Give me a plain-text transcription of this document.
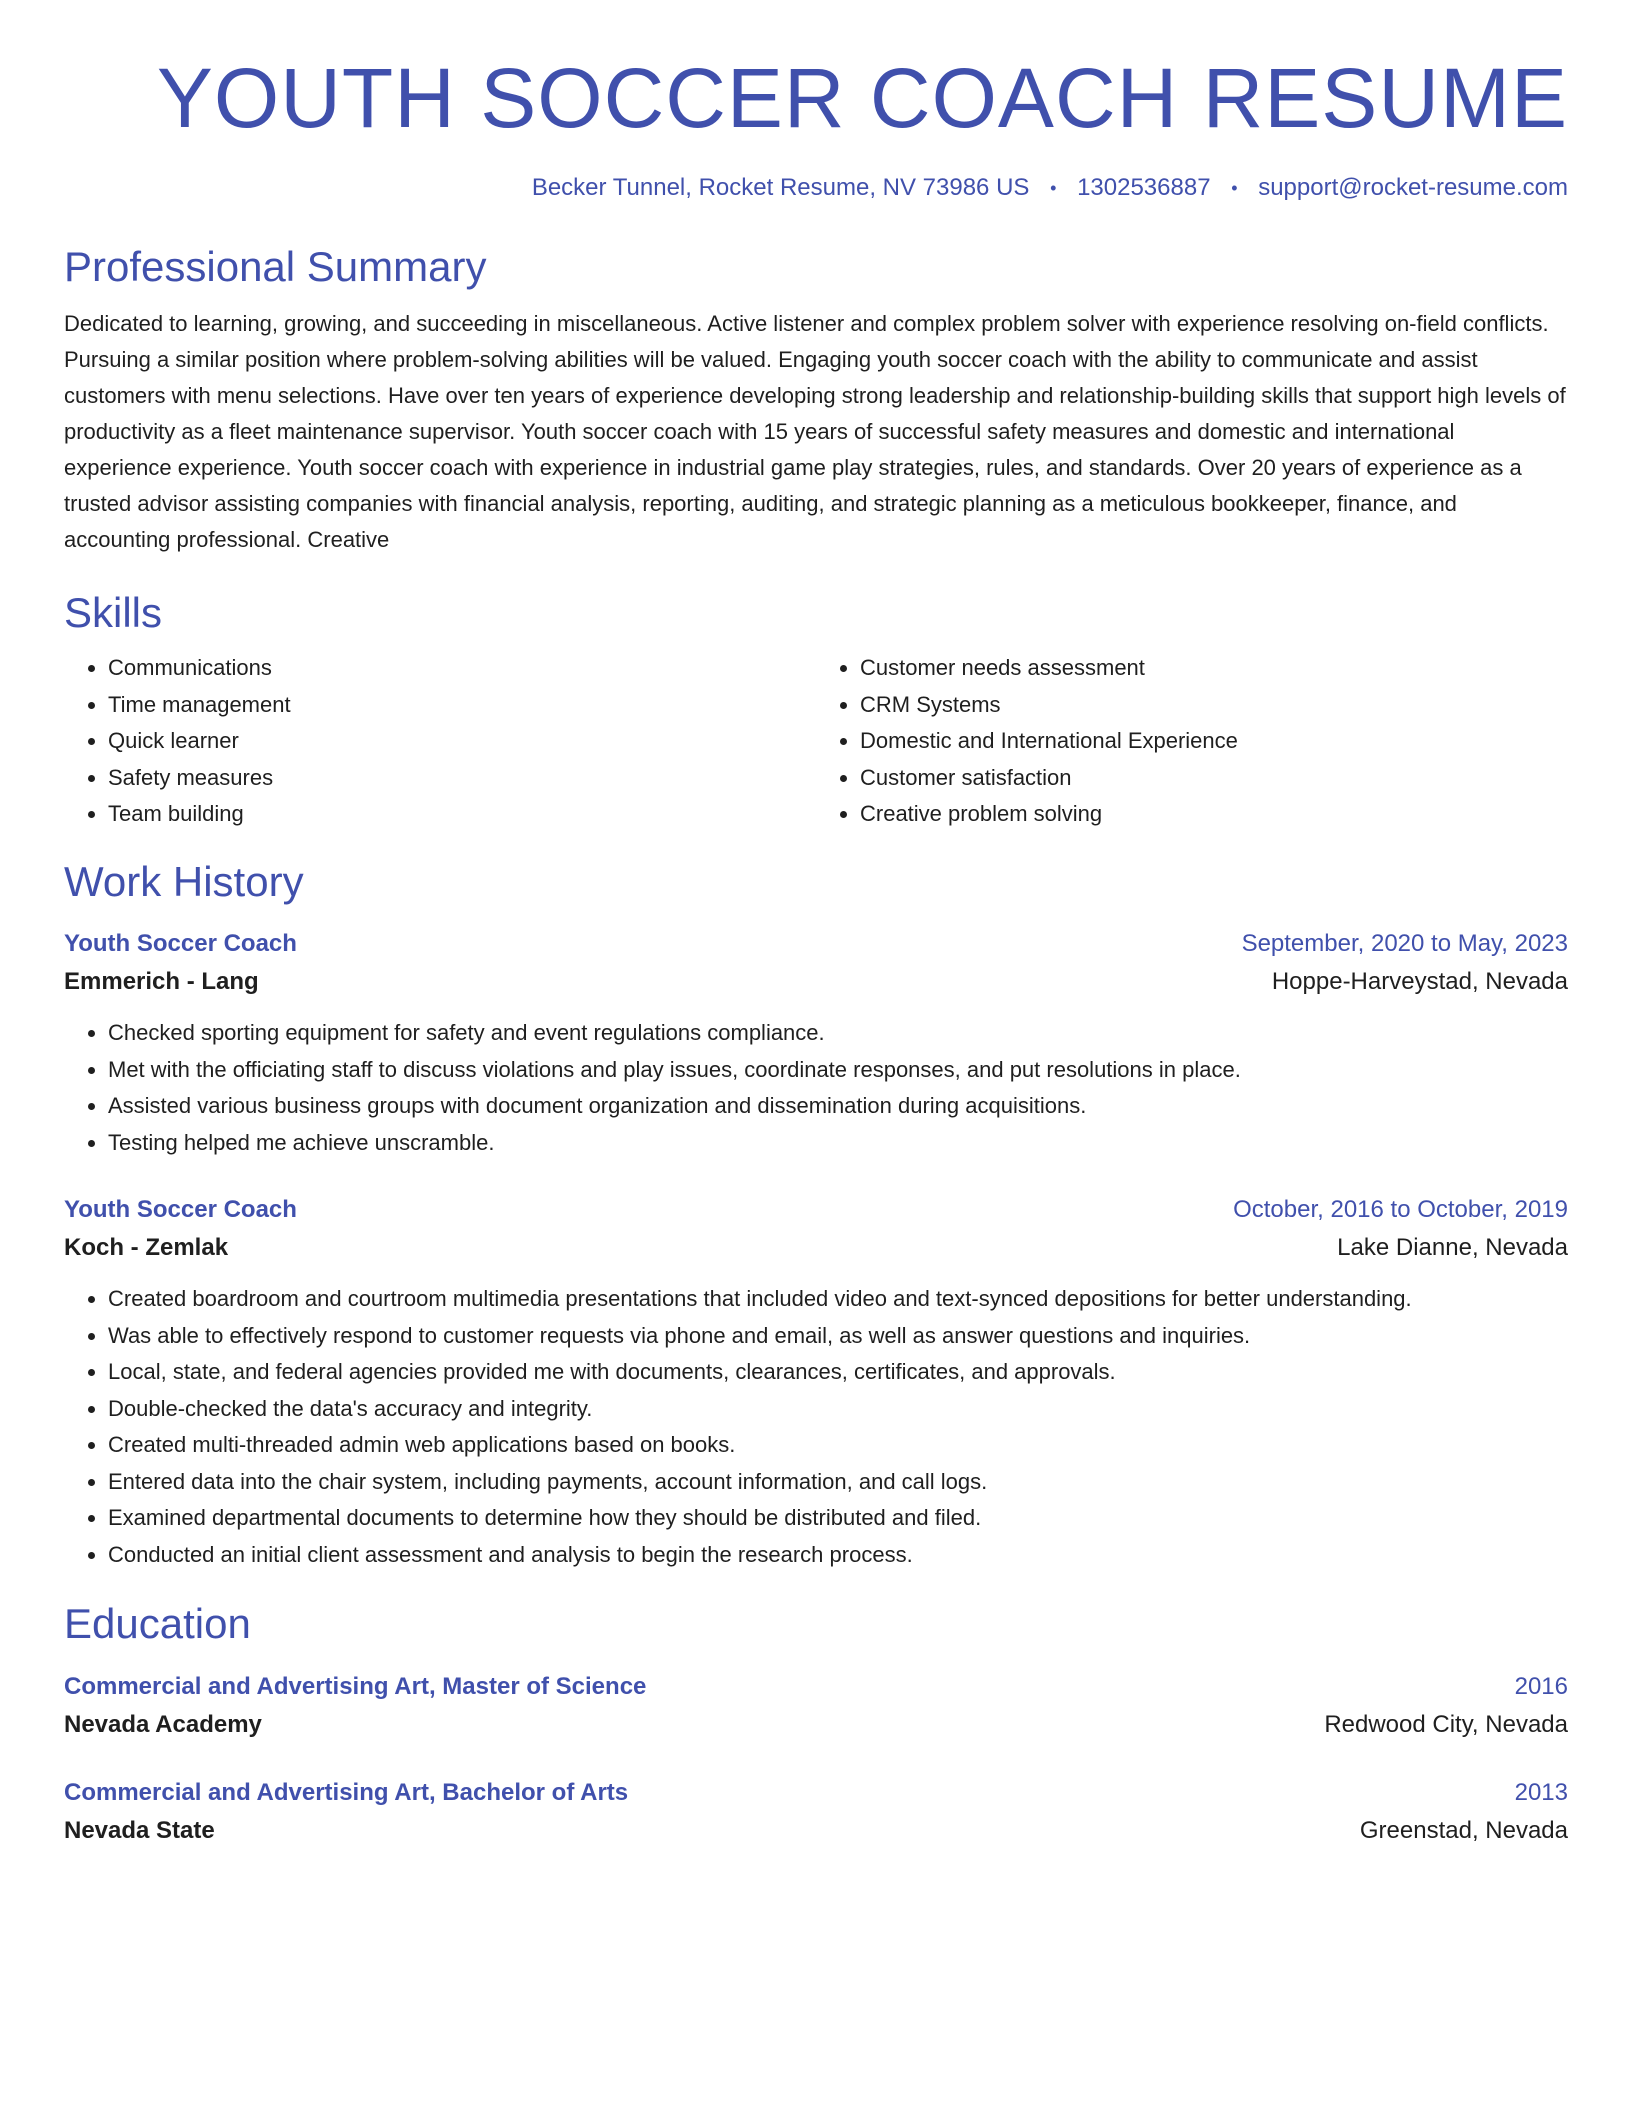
YOUTH SOCCER COACH RESUME
Becker Tunnel, Rocket Resume, NV 73986 US • 1302536887 • support@rocket-resume.com
Professional Summary

Dedicated to learning, growing, and succeeding in miscellaneous. Active listener and complex problem solver with experience resolving on-field conflicts. Pursuing a similar position where problem-solving abilities will be valued. Engaging youth soccer coach with the ability to communicate and assist customers with menu selections. Have over ten years of experience developing strong leadership and relationship-building skills that support high levels of productivity as a fleet maintenance supervisor. Youth soccer coach with 15 years of successful safety measures and domestic and international experience experience. Youth soccer coach with experience in industrial game play strategies, rules, and standards. Over 20 years of experience as a trusted advisor assisting companies with financial analysis, reporting, auditing, and strategic planning as a meticulous bookkeeper, finance, and accounting professional. Creative

Skills
• Communications
• Time management
• Quick learner
• Safety measures
• Team building
• Customer needs assessment
• CRM Systems
• Domestic and International Experience
• Customer satisfaction
• Creative problem solving
Work History
Youth Soccer Coach	September, 2020 to May, 2023
Emmerich - Lang	Hoppe-Harveystad, Nevada
• Checked sporting equipment for safety and event regulations compliance.
• Met with the officiating staff to discuss violations and play issues, coordinate responses, and put resolutions in place.
• Assisted various business groups with document organization and dissemination during acquisitions.
• Testing helped me achieve unscramble.
Youth Soccer Coach	October, 2016 to October, 2019
Koch - Zemlak	Lake Dianne, Nevada
• Created boardroom and courtroom multimedia presentations that included video and text-synced depositions for better understanding.
• Was able to effectively respond to customer requests via phone and email, as well as answer questions and inquiries.
• Local, state, and federal agencies provided me with documents, clearances, certificates, and approvals.
• Double-checked the data's accuracy and integrity.
• Created multi-threaded admin web applications based on books.
• Entered data into the chair system, including payments, account information, and call logs.
• Examined departmental documents to determine how they should be distributed and filed.
• Conducted an initial client assessment and analysis to begin the research process.
Education
Commercial and Advertising Art, Master of Science	2016
Nevada Academy	Redwood City, Nevada
Commercial and Advertising Art, Bachelor of Arts	2013
Nevada State	Greenstad, Nevada
